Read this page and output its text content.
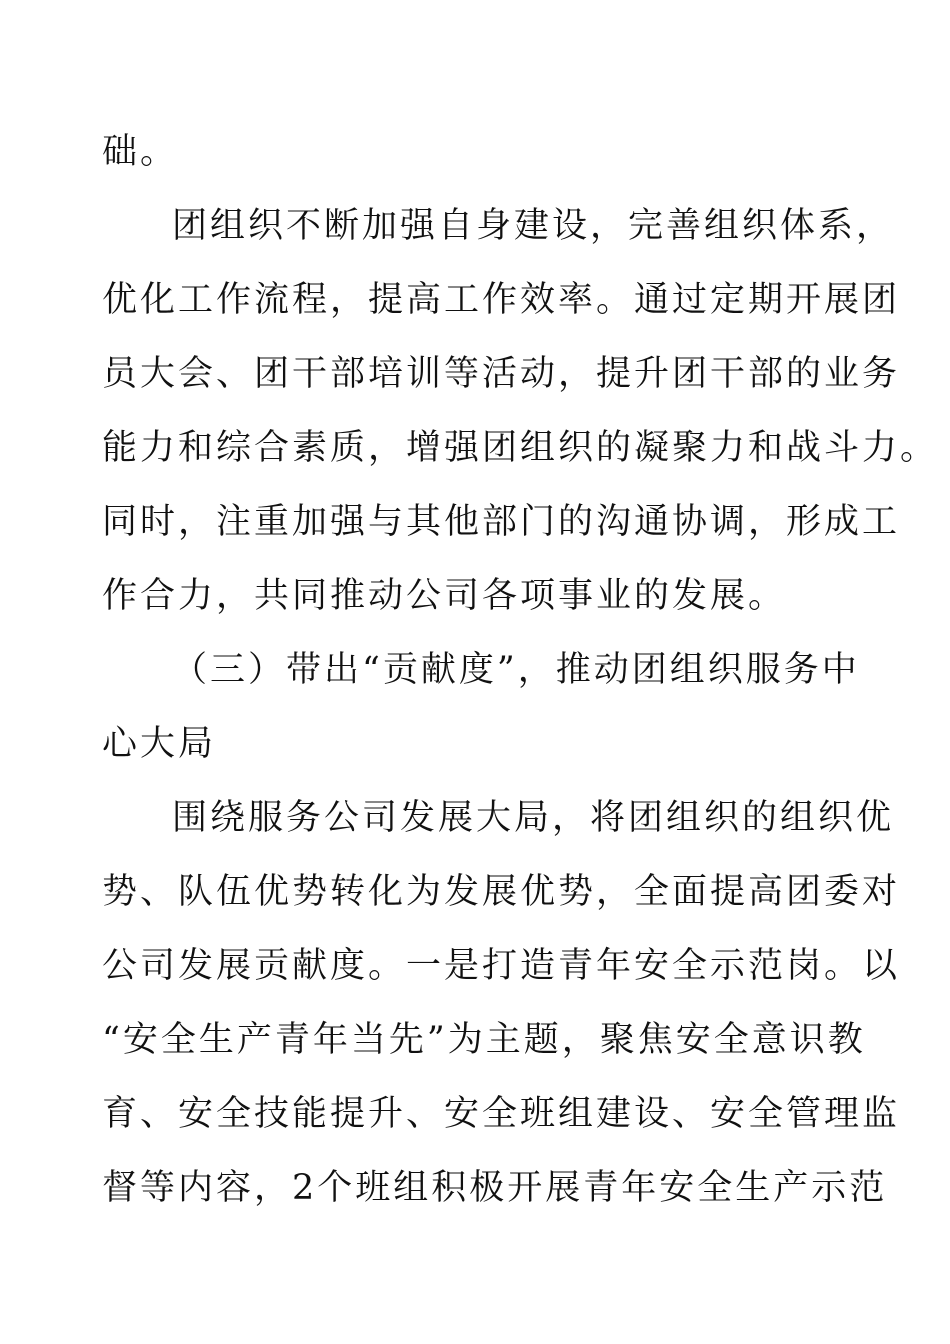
础。
团组织不断加强自身建设，完善组织体系，
优化工作流程，提高工作效率。通过定期开展团
员大会、团干部培训等活动，提升团干部的业务
能力和综合素质，增强团组织的凝聚力和战斗力。
同时，注重加强与其他部门的沟通协调，形成工
作合力，共同推动公司各项事业的发展。
（三）带出“贡献度”，推动团组织服务中
心大局
围绕服务公司发展大局，将团组织的组织优
势、队伍优势转化为发展优势，全面提高团委对
公司发展贡献度。一是打造青年安全示范岗。以
“安全生产青年当先”为主题，聚焦安全意识教
育、安全技能提升、安全班组建设、安全管理监
督等内容，2个班组积极开展青年安全生产示范
